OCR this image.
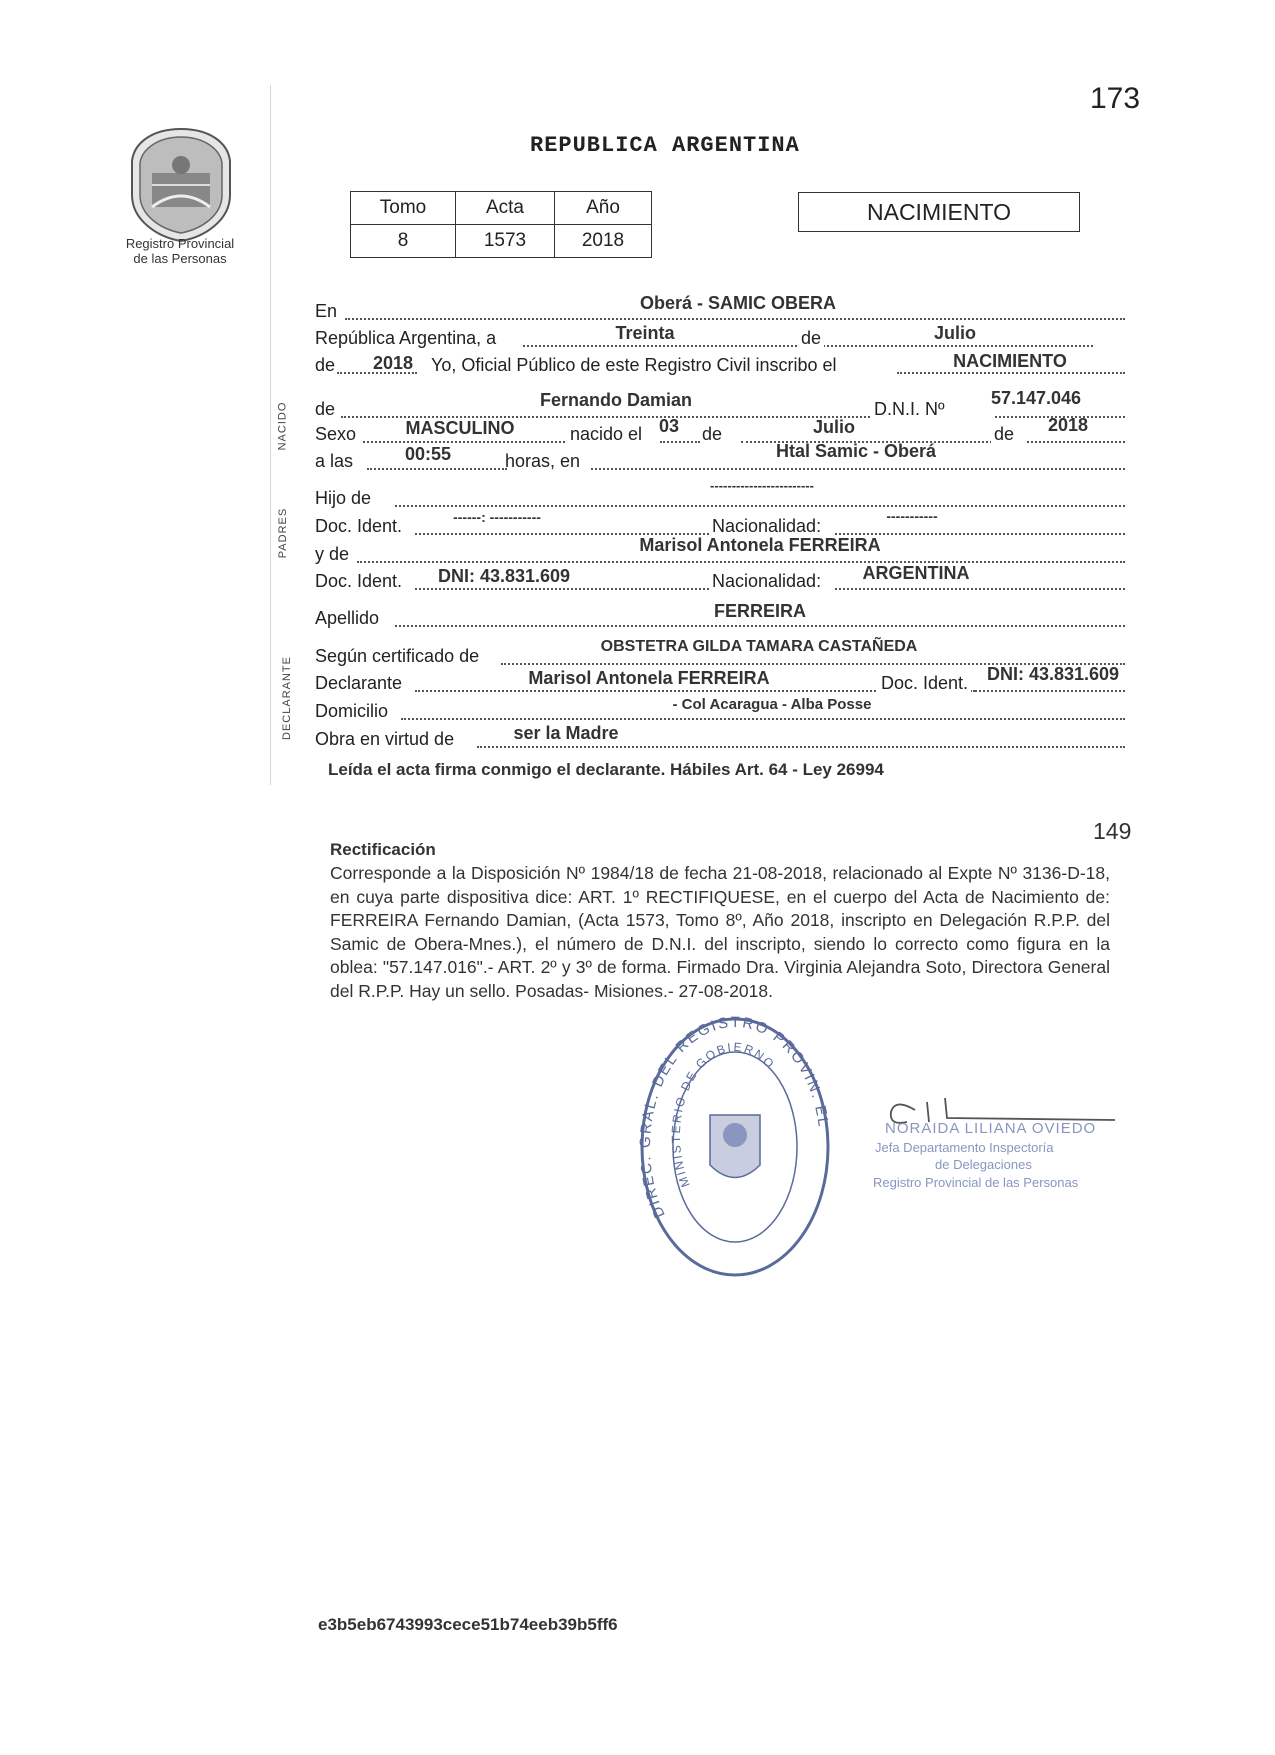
173
Registro Provincial
de las Personas
REPUBLICA ARGENTINA
Tomo	Acta	Año
8	1573	2018
NACIMIENTO
NACIDO
PADRES
DECLARANTE
En	Oberá - SAMIC OBERA
República Argentina, a	de
Treinta	Julio
de	Yo, Oficial Público de este Registro Civil inscribo el
2018	NACIMIENTO
de	D.N.I. Nº
Fernando Damian	57.147.046
Sexo	nacido el	de	de
MASCULINO	03	Julio	2018
a las	horas, en
00:55	Htal Samic - Oberá
Hijo de
------------------------
Doc. Ident.	Nacionalidad:
------: -----------	-----------
y de	Marisol Antonela FERREIRA
Doc. Ident.	Nacionalidad:
DNI: 43.831.609	ARGENTINA
Apellido	FERREIRA
Según certificado de	OBSTETRA GILDA TAMARA CASTAÑEDA
Declarante	Doc. Ident.
Marisol Antonela FERREIRA	DNI: 43.831.609
Domicilio	- Col Acaragua - Alba Posse
Obra en virtud de	ser la Madre
Leída el acta firma conmigo el declarante. Hábiles Art. 64 - Ley 26994
149
Rectificación
Corresponde a la Disposición Nº 1984/18 de fecha 21-08-2018, relacionado al Expte Nº 3136-D-18, en cuya parte dispositiva dice: ART. 1º RECTIFIQUESE, en el cuerpo del Acta de Nacimiento de: FERREIRA Fernando Damian, (Acta 1573, Tomo 8º, Año 2018, inscripto en Delegación R.P.P. del Samic de Obera-Mnes.), el número de D.N.I. del inscripto, siendo lo correcto como figura en la oblea: "57.147.016".- ART. 2º y 3º de forma. Firmado Dra. Virginia Alejandra Soto, Directora General del R.P.P. Hay un sello. Posadas- Misiones.- 27-08-2018.
DIREC. GRAL. DEL REGISTRO PROVIN. EL
MINISTERIO DE GOBIERNO
NORAIDA LILIANA OVIEDO
Jefa Departamento Inspectoría
de Delegaciones
Registro Provincial de las Personas
e3b5eb6743993cece51b74eeb39b5ff6
